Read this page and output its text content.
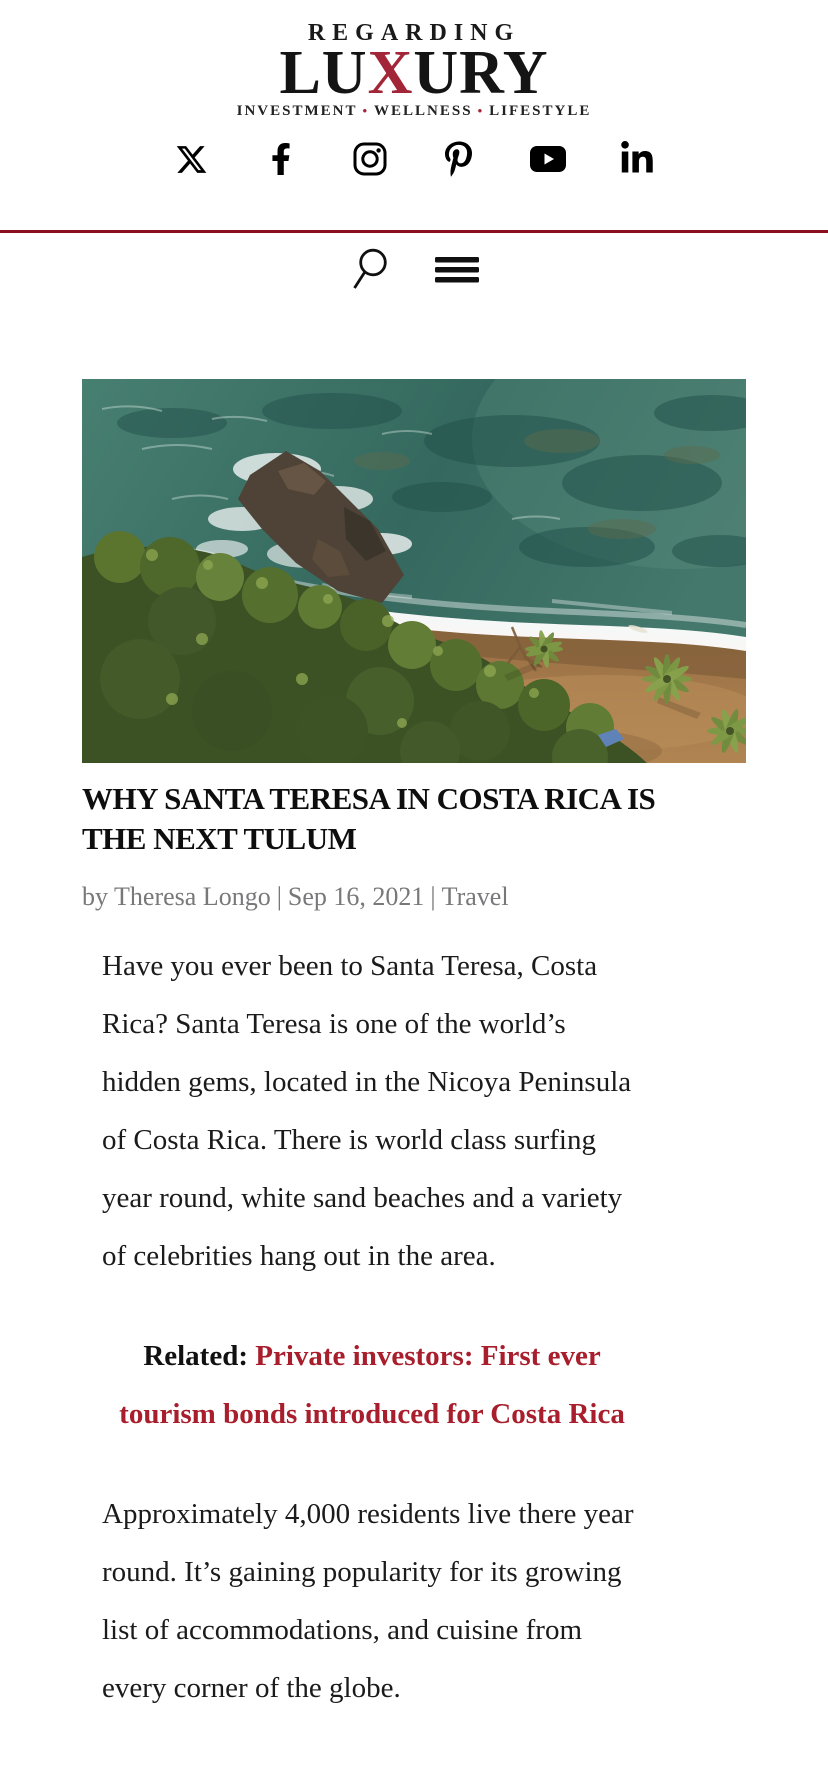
REGARDING
LUXURY
INVESTMENT • WELLNESS • LIFESTYLE
WHY SANTA TERESA IN COSTA RICA IS THE NEXT TULUM
by Theresa Longo | Sep 16, 2021 | Travel

Have you ever been to Santa Teresa, Costa Rica? Santa Teresa is one of the world’s hidden gems, located in the Nicoya Peninsula of Costa Rica. There is world class surfing year round, white sand beaches and a variety of celebrities hang out in the area.

Related: Private investors: First ever tourism bonds introduced for Costa Rica

Approximately 4,000 residents live there year round. It’s gaining popularity for its growing list of accommodations, and cuisine from every corner of the globe.
